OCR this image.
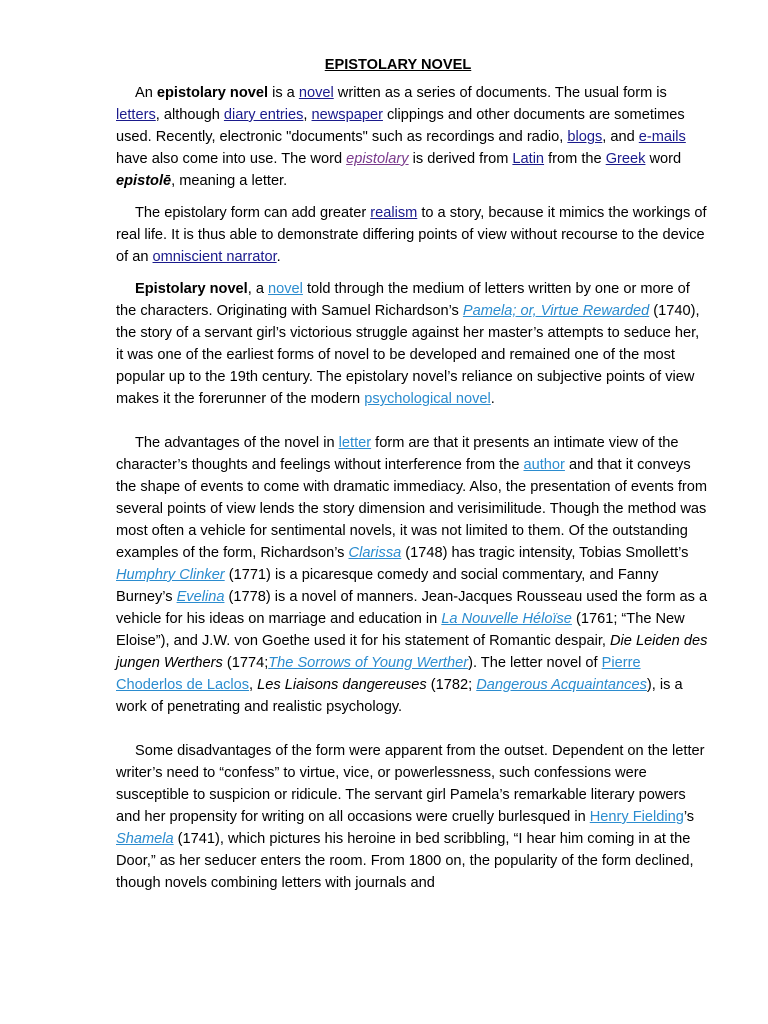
EPISTOLARY NOVEL

An epistolary novel is a novel written as a series of documents. The usual form is letters, although diary entries, newspaper clippings and other documents are sometimes used. Recently, electronic "documents" such as recordings and radio, blogs, and e-mails have also come into use. The word epistolary is derived from Latin from the Greek word epistolē, meaning a letter.

The epistolary form can add greater realism to a story, because it mimics the workings of real life. It is thus able to demonstrate differing points of view without recourse to the device of an omniscient narrator.

Epistolary novel, a novel told through the medium of letters written by one or more of the characters. Originating with Samuel Richardson’s Pamela; or, Virtue Rewarded (1740), the story of a servant girl’s victorious struggle against her master’s attempts to seduce her, it was one of the earliest forms of novel to be developed and remained one of the most popular up to the 19th century. The epistolary novel’s reliance on subjective points of view makes it the forerunner of the modern psychological novel.

The advantages of the novel in letter form are that it presents an intimate view of the character’s thoughts and feelings without interference from the author and that it conveys the shape of events to come with dramatic immediacy. Also, the presentation of events from several points of view lends the story dimension and verisimilitude. Though the method was most often a vehicle for sentimental novels, it was not limited to them. Of the outstanding examples of the form, Richardson’s Clarissa (1748) has tragic intensity, Tobias Smollett’s Humphry Clinker (1771) is a picaresque comedy and social commentary, and Fanny Burney’s Evelina (1778) is a novel of manners. Jean-Jacques Rousseau used the form as a vehicle for his ideas on marriage and education in La Nouvelle Héloïse (1761; “The New Eloise”), and J.W. von Goethe used it for his statement of Romantic despair, Die Leiden des jungen Werthers (1774;The Sorrows of Young Werther). The letter novel of Pierre Choderlos de Laclos, Les Liaisons dangereuses (1782; Dangerous Acquaintances), is a work of penetrating and realistic psychology.

Some disadvantages of the form were apparent from the outset. Dependent on the letter writer’s need to “confess” to virtue, vice, or powerlessness, such confessions were susceptible to suspicion or ridicule. The servant girl Pamela’s remarkable literary powers and her propensity for writing on all occasions were cruelly burlesqued in Henry Fielding’s Shamela (1741), which pictures his heroine in bed scribbling, “I hear him coming in at the Door,” as her seducer enters the room. From 1800 on, the popularity of the form declined, though novels combining letters with journals and
